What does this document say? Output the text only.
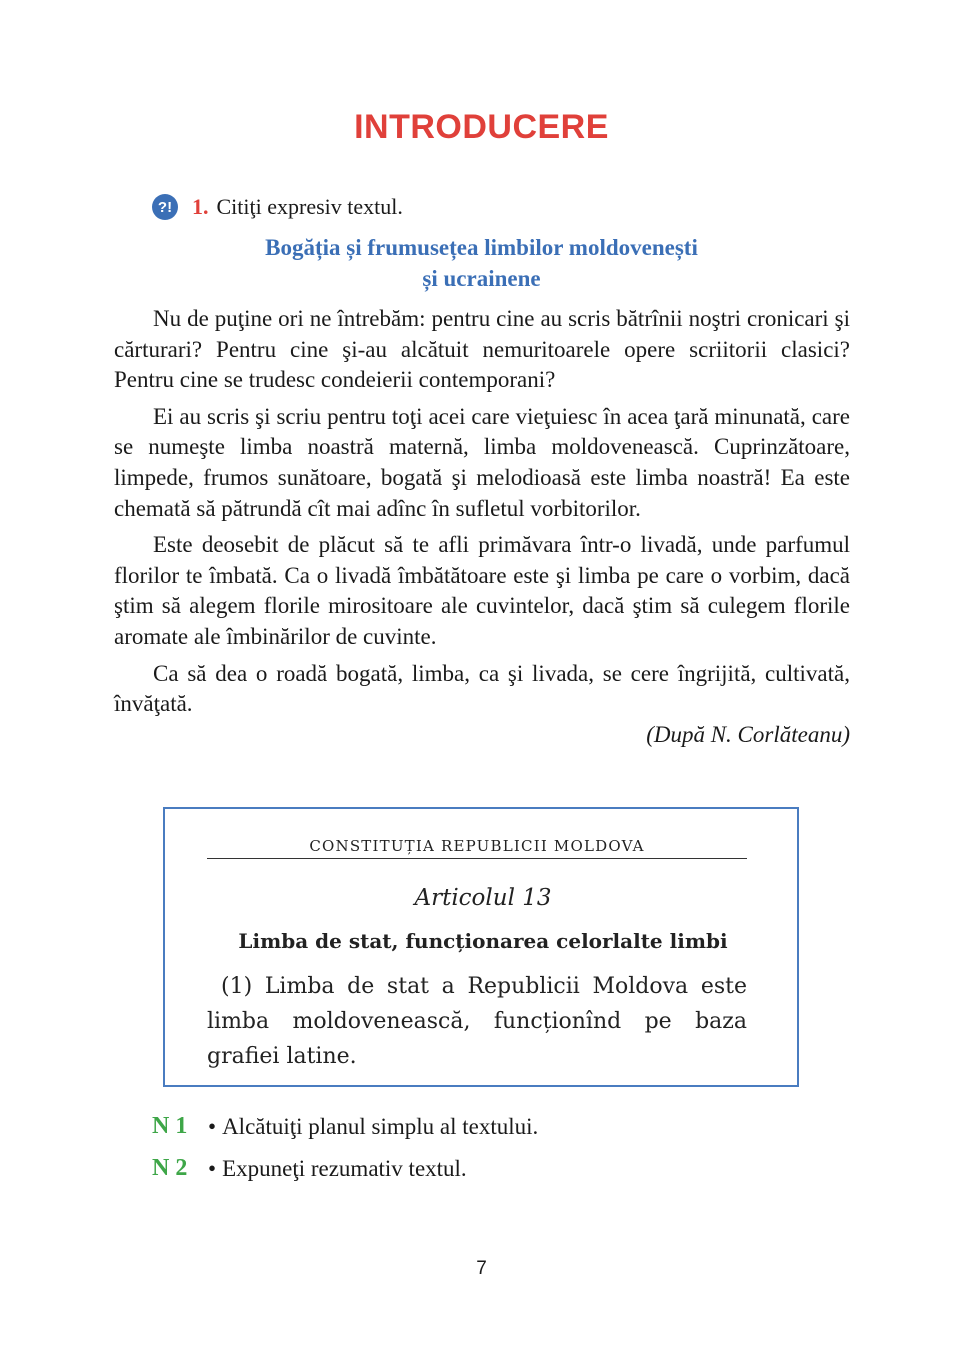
INTRODUCERE
?! 1. Citiţi expresiv textul.
Bogăția și frumusețea limbilor moldovenești
și ucrainene

Nu de puţine ori ne întrebăm: pentru cine au scris bătrînii noştri cronicari şi cărturari? Pentru cine şi-au alcătuit nemuritoarele opere scriitorii clasici? Pentru cine se trudesc condeierii contemporani?

Ei au scris şi scriu pentru toţi acei care vieţuiesc în acea ţară minunată, care se numeşte limba noastră maternă, limba moldovenească. Cuprinzătoare, limpede, frumos sunătoare, bogată şi melodioasă este limba noastră! Ea este chemată să pătrundă cît mai adînc în sufletul vorbitorilor.

Este deosebit de plăcut să te afli primăvara într-o livadă, unde parfumul florilor te îmbată. Ca o livadă îmbătătoare este şi limba pe care o vorbim, dacă ştim să alegem florile mirositoare ale cuvintelor, dacă ştim să culegem florile aromate ale îmbinărilor de cuvinte.

Ca să dea o roadă bogată, limba, ca şi livada, se cere îngrijită, cultivată, învăţată.

(După N. Corlăteanu)

CONSTITUȚIA REPUBLICII MOLDOVA
Articolul 13
Limba de stat, funcționarea celorlalte limbi

(1) Limba de stat a Republicii Moldova este limba moldovenească, funcționînd pe baza grafiei latine.

N 1 • Alcătuiţi planul simplu al textului.
N 2 • Expuneţi rezumativ textul.
7
